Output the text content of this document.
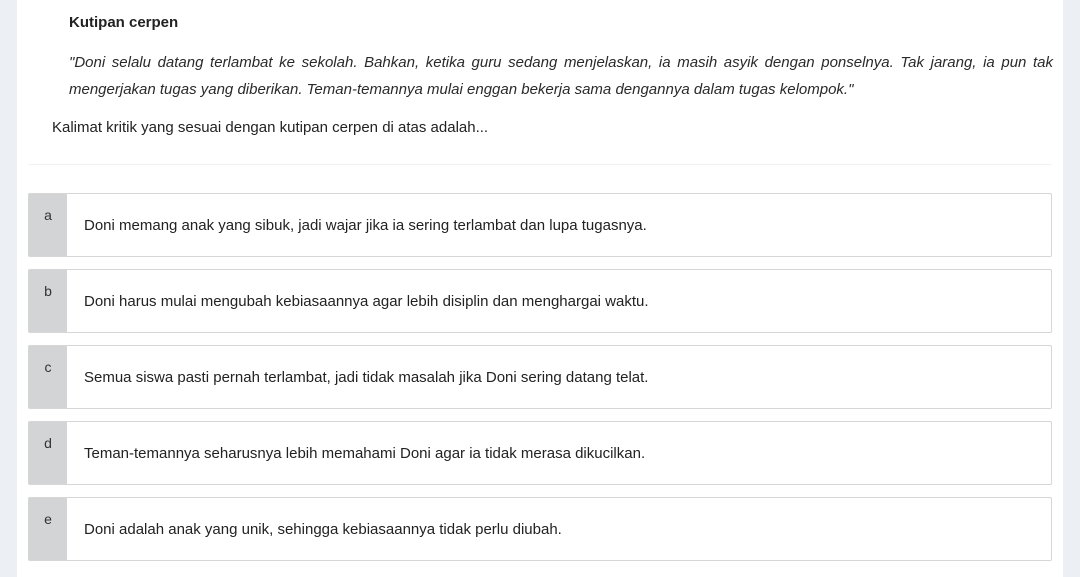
Kutipan cerpen
"Doni selalu datang terlambat ke sekolah. Bahkan, ketika guru sedang menjelaskan, ia masih asyik dengan ponselnya. Tak jarang, ia pun tak mengerjakan tugas yang diberikan. Teman-temannya mulai enggan bekerja sama dengannya dalam tugas kelompok."
Kalimat kritik yang sesuai dengan kutipan cerpen di atas adalah...
a
Doni memang anak yang sibuk, jadi wajar jika ia sering terlambat dan lupa tugasnya.
b
Doni harus mulai mengubah kebiasaannya agar lebih disiplin dan menghargai waktu.
c
Semua siswa pasti pernah terlambat, jadi tidak masalah jika Doni sering datang telat.
d
Teman-temannya seharusnya lebih memahami Doni agar ia tidak merasa dikucilkan.
e
Doni adalah anak yang unik, sehingga kebiasaannya tidak perlu diubah.
